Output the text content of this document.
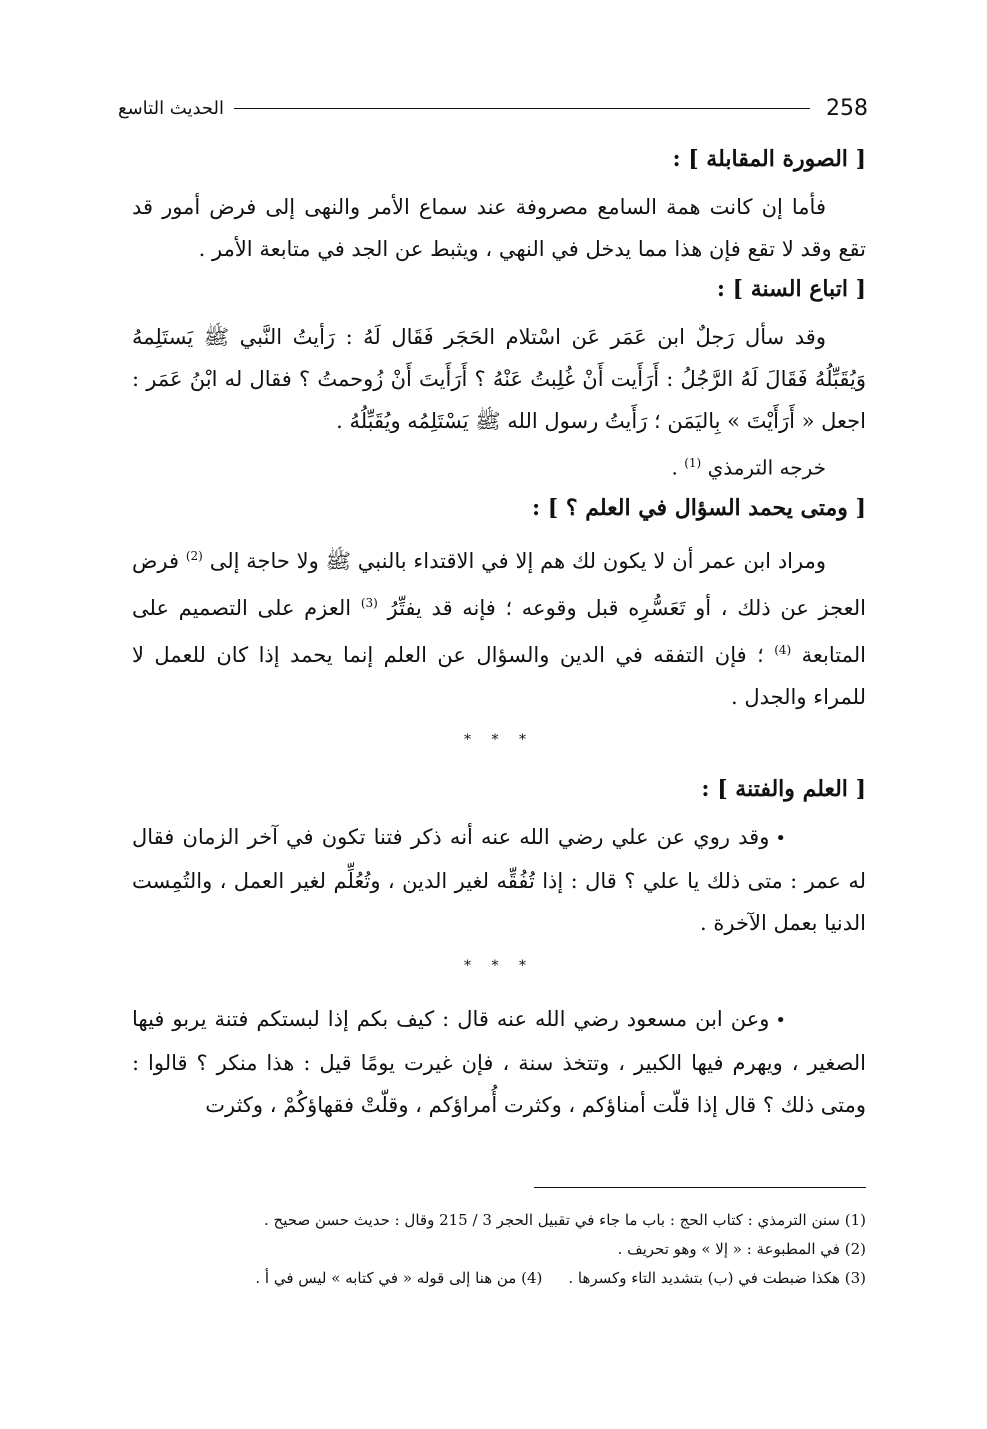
الحديث التاسع	258
[ الصورة المقابلة ] :

فأما إن كانت همة السامع مصروفة عند سماع الأمر والنهى إلى فرض أمور قد تقع وقد لا تقع فإن هذا مما يدخل في النهي ، ويثبط عن الجد في متابعة الأمر .

[ اتباع السنة ] :

وقد سأل رَجلٌ ابن عَمَر عَن اسْتلام الحَجَر فَقَال لَهُ : رَأيتُ النَّبي ﷺ يَستَلِمهُ وَيُقَبِّلُهُ فَقَالَ لَهُ الرَّجُلُ : أَرَأَيت أَنْ غُلِبتُ عَنْهُ ؟ أَرَأَيتَ أَنْ زُوحمتُ ؟ فقال له ابْنُ عَمَر : اجعل « أَرَأَيْتَ » بِاليَمَن ؛ رَأَيتُ رسول الله ﷺ يَسْتَلِمُه ويُقَبِّلُهُ .

خرجه الترمذي $^{(1)}$ .
[ ومتى يحمد السؤال في العلم ؟ ] :

ومراد ابن عمر أن لا يكون لك هم إلا في الاقتداء بالنبي ﷺ ولا حاجة إلى $^{(2)}$ فرض العجز عن ذلك ، أو تَعَسُّرِه قبل وقوعه ؛ فإنه قد يفتِّرُ $^{(3)}$ العزم على التصميم على المتابعة $^{(4)}$ ؛ فإن التفقه في الدين والسؤال عن العلم إنما يحمد إذا كان للعمل لا للمراء والجدل .

* * *
[ العلم والفتنة ] :

•وقد روي عن علي رضي الله عنه أنه ذكر فتنا تكون في آخر الزمان فقال له عمر : متى ذلك يا علي ؟ قال : إذا تُفُقِّه لغير الدين ، وتُعُلِّم لغير العمل ، والتُمِست الدنيا بعمل الآخرة .

* * *

•وعن ابن مسعود رضي الله عنه قال : كيف بكم إذا لبستكم فتنة يربو فيها الصغير ، ويهرم فيها الكبير ، وتتخذ سنة ، فإن غيرت يومًا قيل : هذا منكر ؟ قالوا : ومتى ذلك ؟ قال إذا قلّت أمناؤكم ، وكثرت أُمراؤكم ، وقلّتْ فقهاؤكُمْ ، وكثرت

(1) سنن الترمذي : كتاب الحج : باب ما جاء في تقبيل الحجر 3 / 215 وقال : حديث حسن صحيح .
(2) في المطبوعة : « إلا » وهو تحريف .
(3) هكذا ضبطت في (ب) بتشديد التاء وكسرها .(4) من هنا إلى قوله « في كتابه » ليس في أ .
